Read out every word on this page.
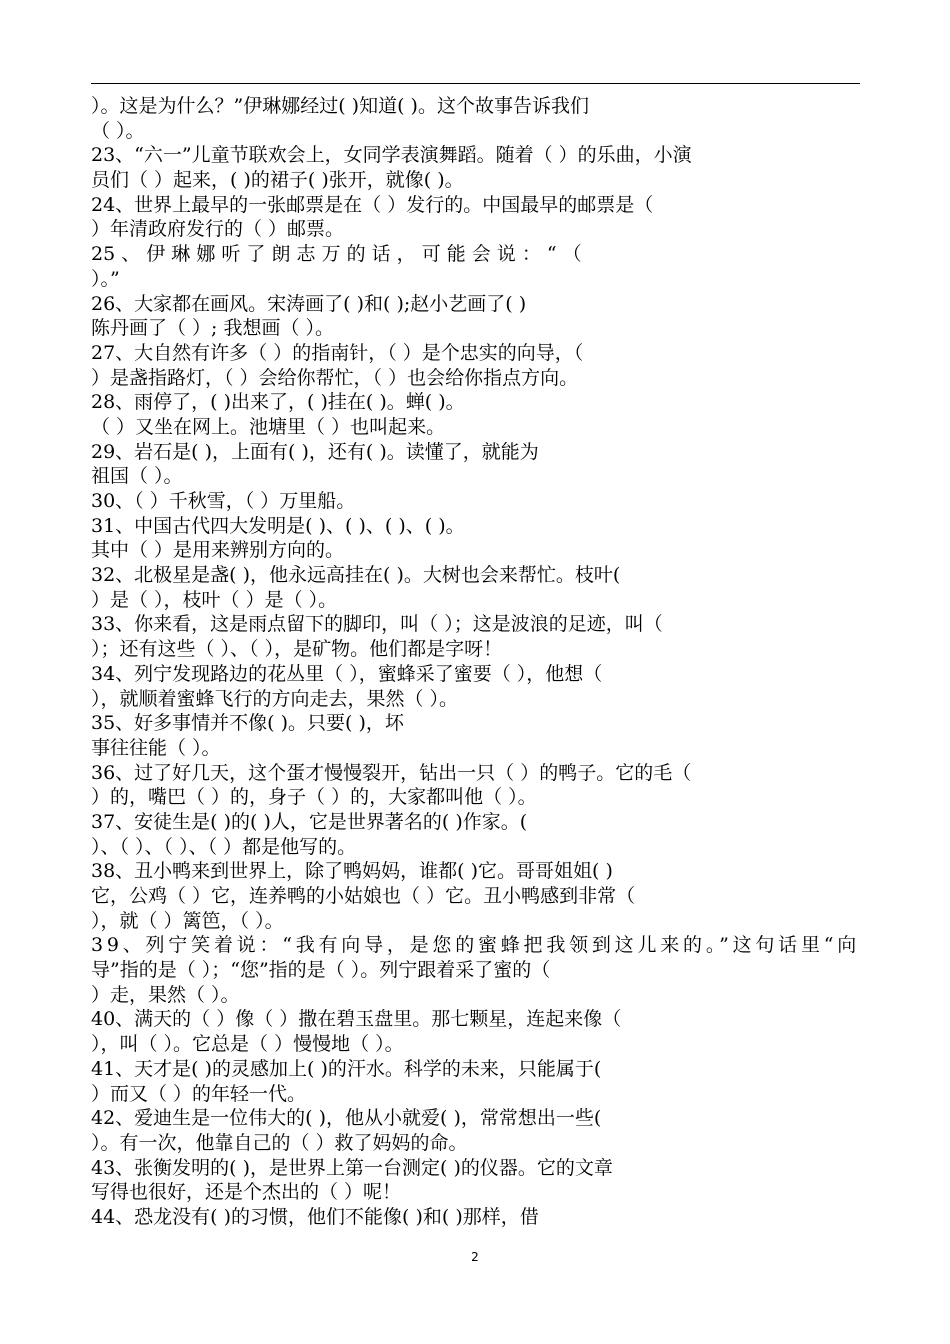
）。这是为什么？”伊琳娜经过( )知道( )。这个故事告诉我们
（ ）。
23、“六一”儿童节联欢会上，女同学表演舞蹈。随着（ ）的乐曲，小演
员们（ ）起来，( )的裙子( )张开，就像( )。
24、世界上最早的一张邮票是在（ ）发行的。中国最早的邮票是（
）年清政府发行的（ ）邮票。
25 、 伊 琳 娜 听 了 朗 志 万 的 话 ， 可 能 会 说 ： “ （
）。”
26、大家都在画风。宋涛画了( )和( );赵小艺画了( )
陈丹画了（ ）; 我想画（ ）。
27、大自然有许多（ ）的指南针，（ ）是个忠实的向导，（
）是盏指路灯，（ ）会给你帮忙，（ ）也会给你指点方向。
28、雨停了，( )出来了，( )挂在( )。蝉( )。
（ ）又坐在网上。池塘里（ ）也叫起来。
29、岩石是( )，上面有( )，还有( )。读懂了，就能为
祖国（ ）。
30、（ ）千秋雪，（ ）万里船。
31、中国古代四大发明是( )、( )、( )、( )。
其中（ ）是用来辨别方向的。
32、北极星是盏( )，他永远高挂在( )。大树也会来帮忙。枝叶(
）是（ ），枝叶（ ）是（ ）。
33、你来看，这是雨点留下的脚印，叫（ ）；这是波浪的足迹，叫（
）；还有这些（ ）、（ ），是矿物。他们都是字呀！
34、列宁发现路边的花丛里（ ），蜜蜂采了蜜要（ ），他想（
），就顺着蜜蜂飞行的方向走去，果然（ ）。
35、好多事情并不像( )。只要( )，坏
事往往能（ ）。
36、过了好几天，这个蛋才慢慢裂开，钻出一只（ ）的鸭子。它的毛（
）的，嘴巴（ ）的，身子（ ）的，大家都叫他（ ）。
37、安徒生是( )的( )人，它是世界著名的( )作家。(
）、（ ）、（ ）、（ ）都是他写的。
38、丑小鸭来到世界上，除了鸭妈妈，谁都( )它。哥哥姐姐( )
它，公鸡（ ）它，连养鸭的小姑娘也（ ）它。丑小鸭感到非常（
），就（ ）篱笆，（ ）。
39、列宁笑着说：“我有向导，是您的蜜蜂把我领到这儿来的。”这句话里“向
导”指的是（ ）；“您”指的是（ ）。列宁跟着采了蜜的（
）走，果然（ ）。
40、满天的（ ）像（ ）撒在碧玉盘里。那七颗星，连起来像（
），叫（ ）。它总是（ ）慢慢地（ ）。
41、天才是( )的灵感加上( )的汗水。科学的未来，只能属于(
）而又（ ）的年轻一代。
42、爱迪生是一位伟大的( )，他从小就爱( )，常常想出一些(
）。有一次，他靠自己的（ ）救了妈妈的命。
43、张衡发明的( )，是世界上第一台测定( )的仪器。它的文章
写得也很好，还是个杰出的（ ）呢！
44、恐龙没有( )的习惯，他们不能像( )和( )那样，借
2
